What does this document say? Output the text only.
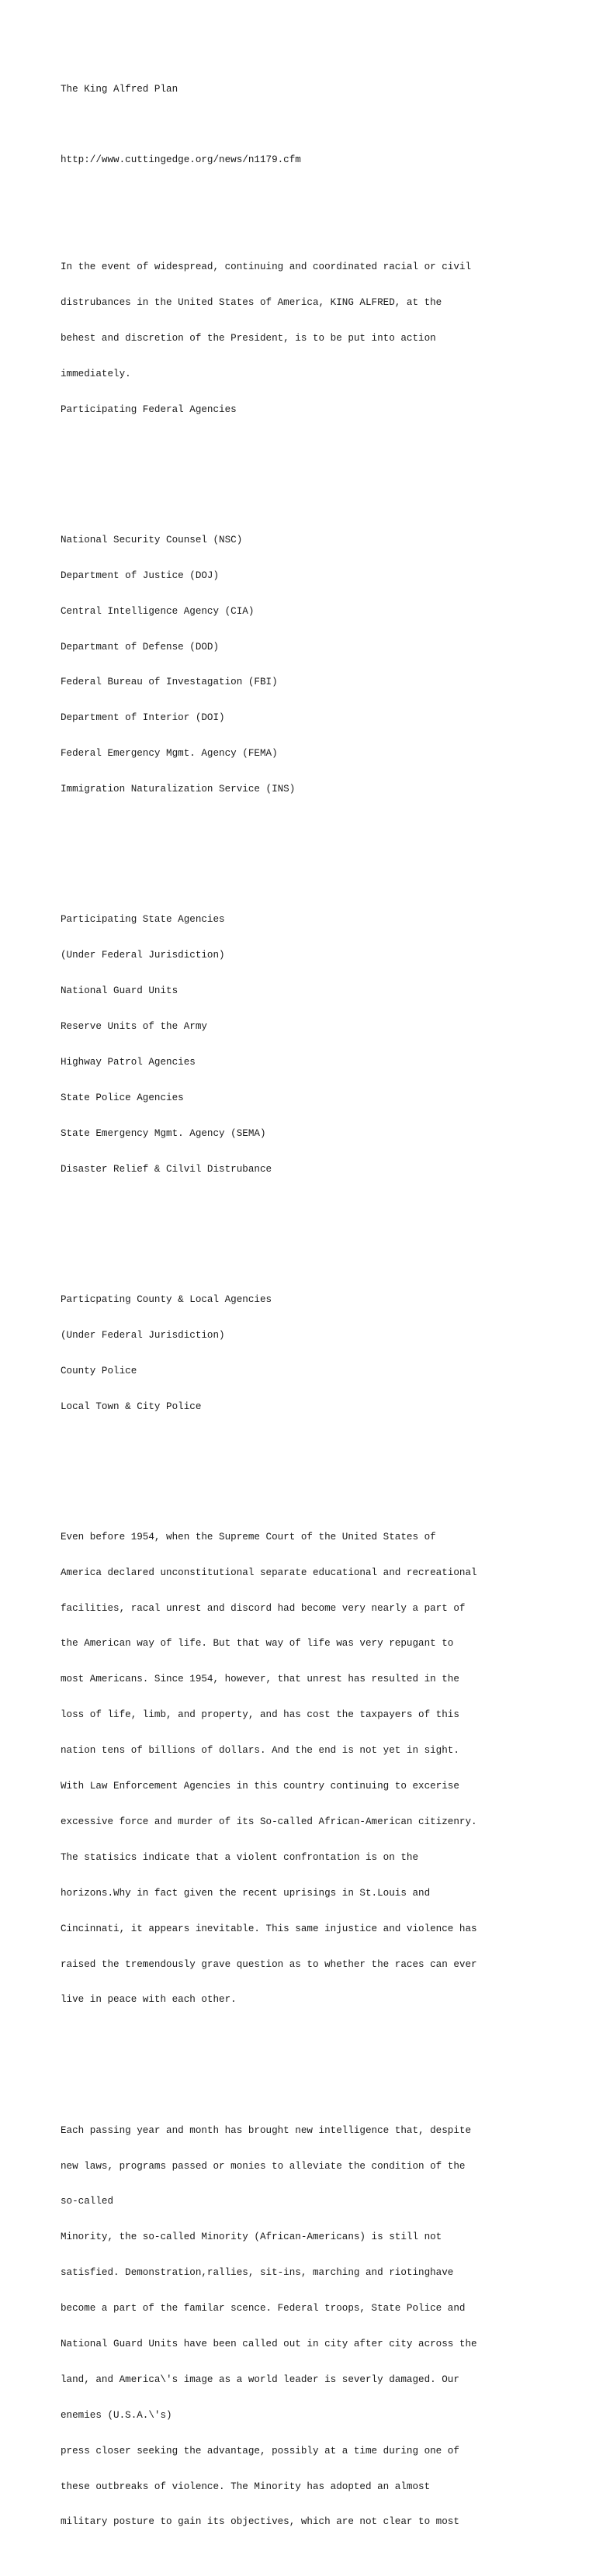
The King Alfred Plan

http://www.cuttingedge.org/news/n1179.cfm

In the event of widespread, continuing and coordinated racial or civil

distrubances in the United States of America, KING ALFRED, at the

behest and discretion of the President, is to be put into action

immediately.

Participating Federal Agencies

National Security Counsel (NSC)

Department of Justice (DOJ)

Central Intelligence Agency (CIA)

Departmant of Defense (DOD)

Federal Bureau of Investagation (FBI)

Department of Interior (DOI)

Federal Emergency Mgmt. Agency (FEMA)

Immigration Naturalization Service (INS)

Participating State Agencies

(Under Federal Jurisdiction)

National Guard Units

Reserve Units of the Army

Highway Patrol Agencies

State Police Agencies

State Emergency Mgmt. Agency (SEMA)

Disaster Relief & Cilvil Distrubance

Particpating County & Local Agencies

(Under Federal Jurisdiction)

County Police

Local Town & City Police

Even before 1954, when the Supreme Court of the United States of

America declared unconstitutional separate educational and recreational

facilities, racal unrest and discord had become very nearly a part of

the American way of life. But that way of life was very repugant to

most Americans. Since 1954, however, that unrest has resulted in the

loss of life, limb, and property, and has cost the taxpayers of this

nation tens of billions of dollars. And the end is not yet in sight.

With Law Enforcement Agencies in this country continuing to excerise

excessive force and murder of its So-called African-American citizenry.

The statisics indicate that a violent confrontation is on the

horizons.Why in fact given the recent uprisings in St.Louis and

Cincinnati, it appears inevitable. This same injustice and violence has

raised the tremendously grave question as to whether the races can ever

live in peace with each other.

Each passing year and month has brought new intelligence that, despite

new laws, programs passed or monies to alleviate the condition of the

so-called

Minority, the so-called Minority (African-Americans) is still not

satisfied. Demonstration,rallies, sit-ins, marching and riotinghave

become a part of the familar scence. Federal troops, State Police and

National Guard Units have been called out in city after city across the

land, and America\'s image as a world leader is severly damaged. Our

enemies (U.S.A.\'s)

press closer seeking the advantage, possibly at a time during one of

these outbreaks of violence. The Minority has adopted an almost

military posture to gain its objectives, which are not clear to most
